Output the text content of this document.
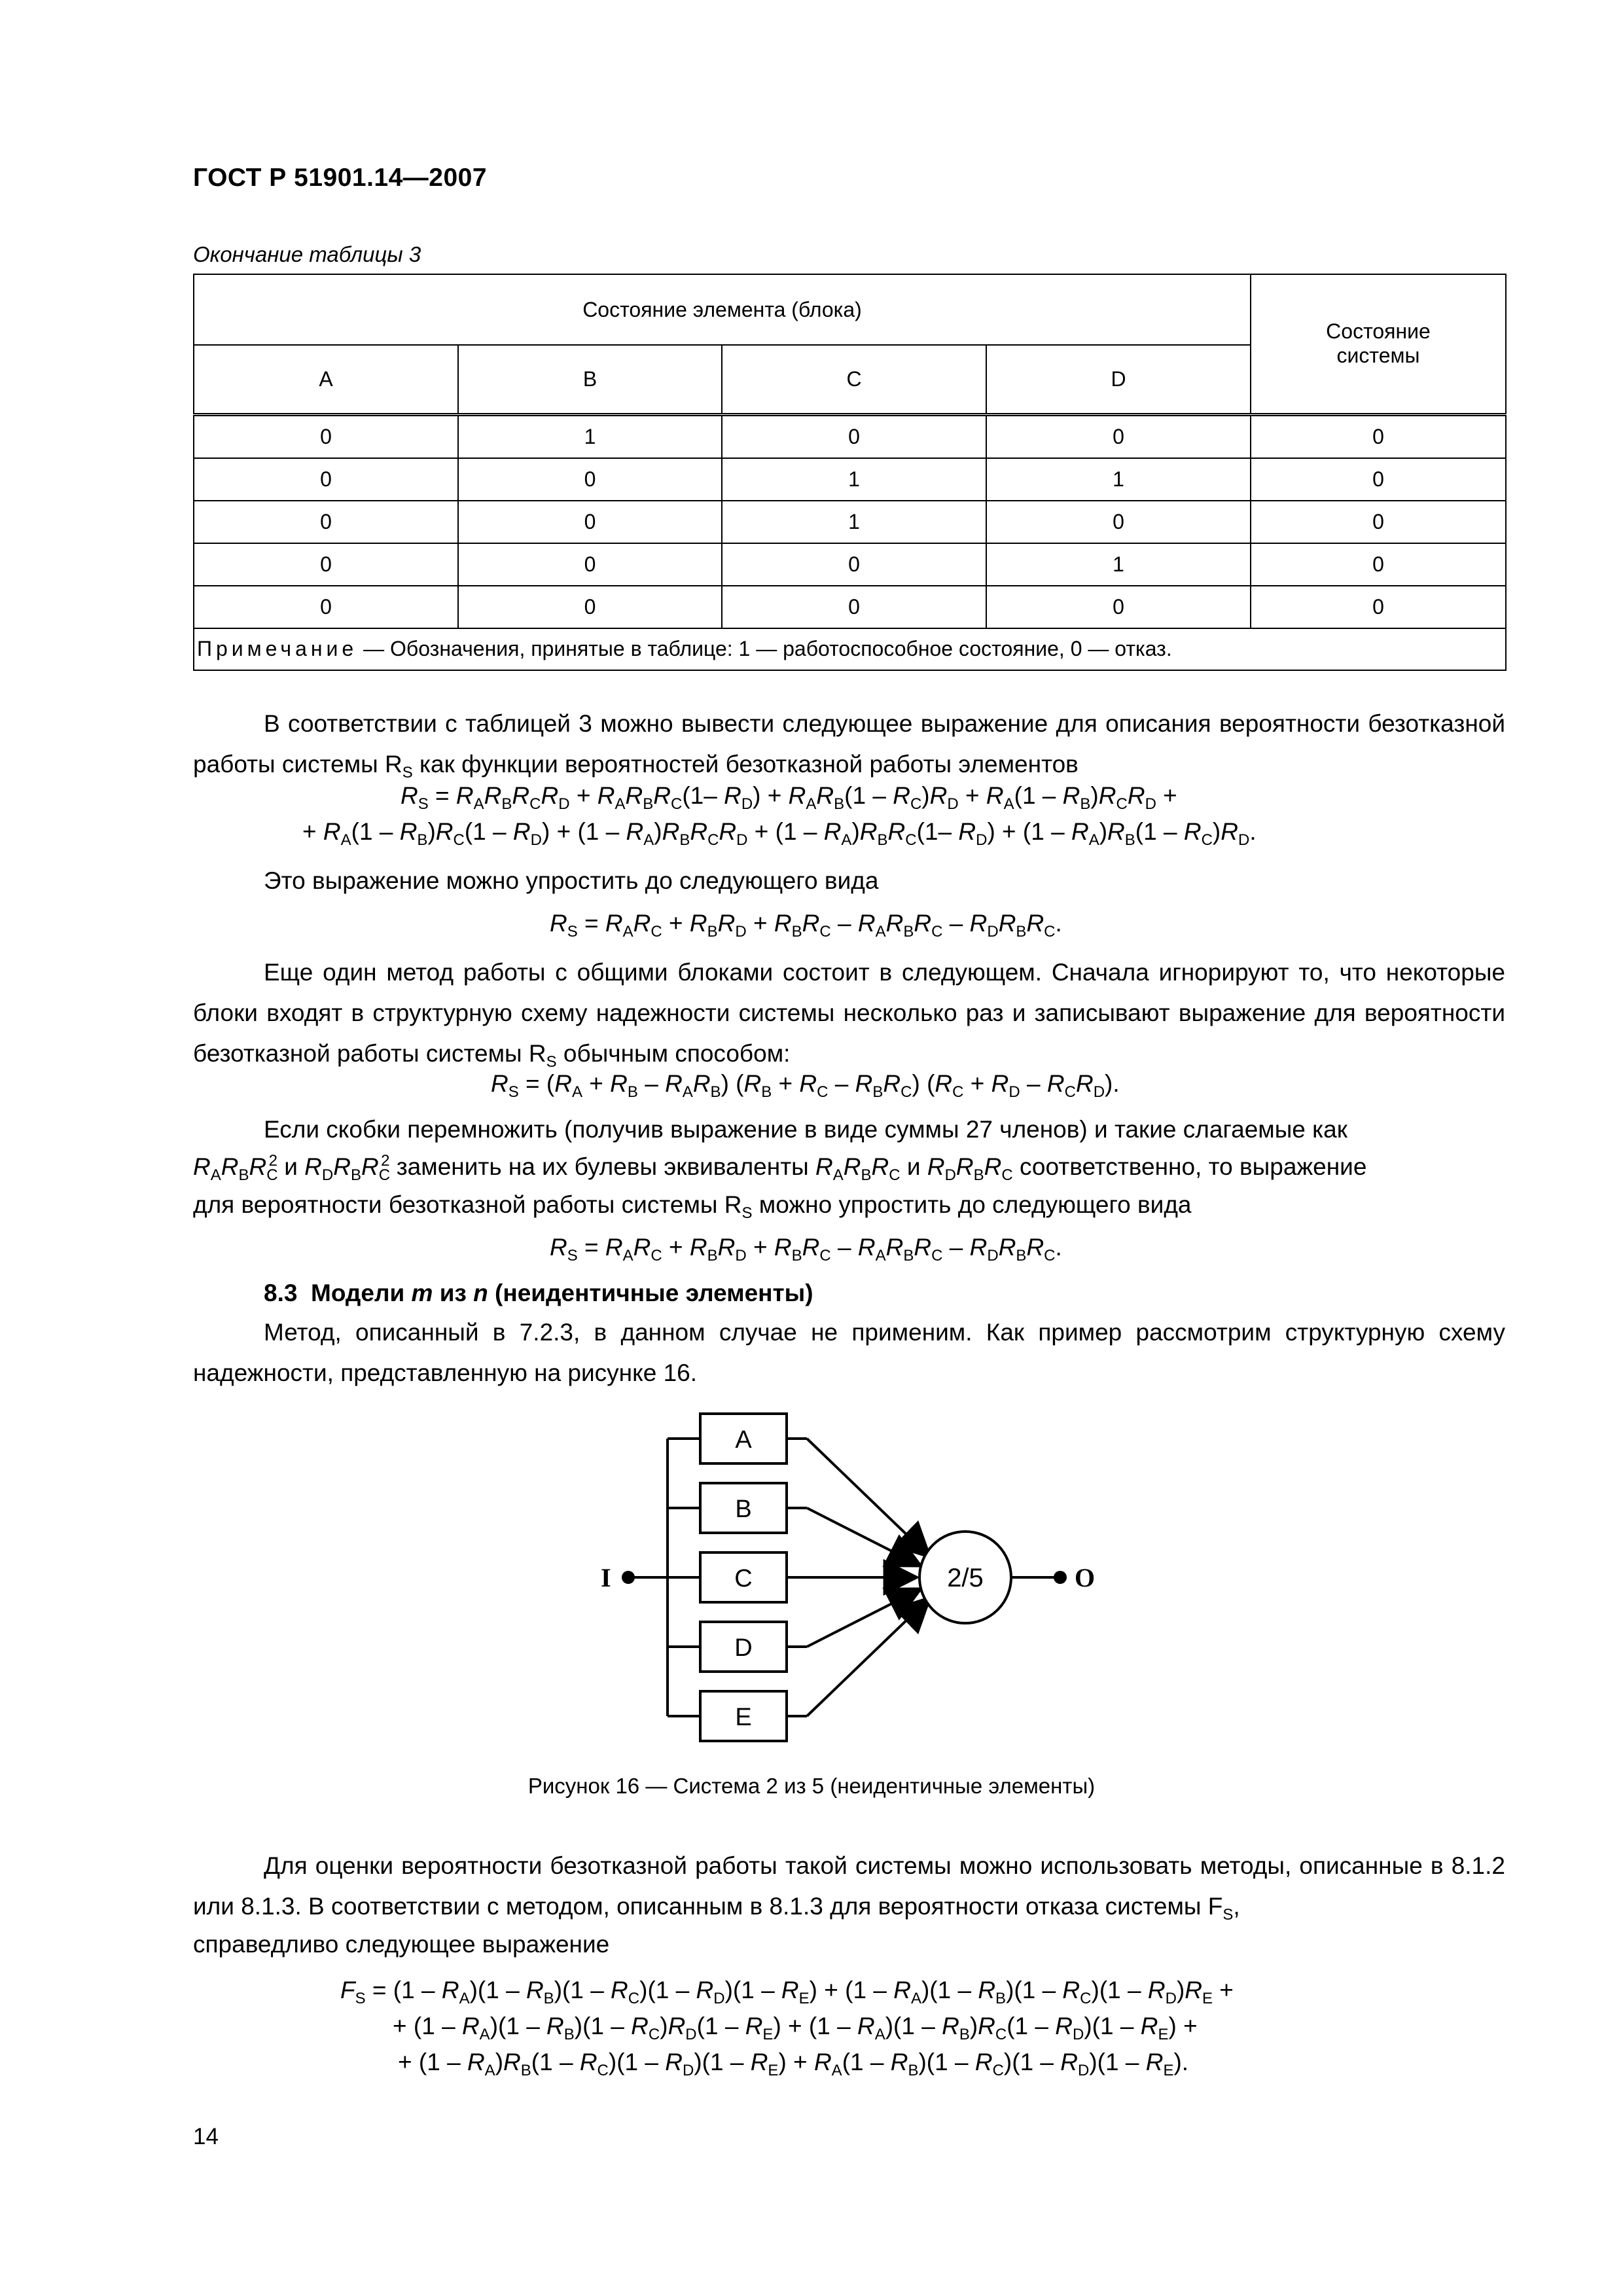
ГОСТ Р 51901.14—2007
Окончание таблицы 3
Состояние элемента (блока)				Состояние системы
A	B	C	D	
0	1	0	0	0
0	0	1	1	0
0	0	1	0	0
0	0	0	1	0
0	0	0	0	0
Примечание — Обозначения, принятые в таблице: 1 — работоспособное состояние, 0 — отказ.				
В соответствии с таблицей 3 можно вывести следующее выражение для описания вероятности безотказной работы системы $R_S$ как функции вероятностей безотказной работы элементов
$R_S = R_AR_BR_CR_D + R_AR_BR_C(1-$ $R_D) + R_AR_B(1 - R_C)R_D + R_A(1 - R_B)R_CR_D$ +
+ $R_A(1 - R_B)R_C(1 - R_D) + (1 - R_A)R_BR_CR_D + (1 - R_A)R_BR_C(1-$ $R_D) + (1 - R_A)R_B(1 - R_C)R_D$.
Это выражение можно упростить до следующего вида
$R_S = R_AR_C + R_BR_D + R_BR_C - R_AR_BR_C - R_DR_BR_C$.
Еще один метод работы с общими блоками состоит в следующем. Сначала игнорируют то, что некоторые блоки входят в структурную схему надежности системы несколько раз и записывают выражение для вероятности безотказной работы системы $R_S$ обычным способом:
$R_S = (R_A + R_B - R_AR_B) (R_B + R_C - R_BR_C) (R_C + R_D - R_CR_D)$.
Если скобки перемножить (получив выражение в виде суммы 27 членов) и такие слагаемые как
$R_AR_BR_C^2$ и $R_DR_BR_C^2$ заменить на их булевы эквиваленты $R_AR_BR_C$ и $R_DR_BR_C$ соответственно, то выражение
для вероятности безотказной работы системы $R_S$ можно упростить до следующего вида
$R_S = R_AR_C + R_BR_D + R_BR_C - R_AR_BR_C - R_DR_BR_C$.
8.3 Модели m из n (неидентичные элементы)
Метод, описанный в 7.2.3, в данном случае не применим. Как пример рассмотрим структурную схему надежности, представленную на рисунке 16.
I
A
B
C
D
E
2/5	O
Рисунок 16 — Система 2 из 5 (неидентичные элементы)
Для оценки вероятности безотказной работы такой системы можно использовать методы, описанные в 8.1.2 или 8.1.3. В соответствии с методом, описанным в 8.1.3 для вероятности отказа системы $F_S$,
справедливо следующее выражение
$F_S = (1 - R_A)(1 - R_B)(1 - R_C)(1 - R_D)(1 - R_E) + (1 - R_A)(1 - R_B)(1 - R_C)(1 - R_D)R_E$ +
+ $(1 - R_A)(1 - R_B)(1 - R_C)R_D(1 - R_E) + (1 - R_A)(1 - R_B)R_C(1 - R_D)(1 - R_E)$ +
+ $(1 - R_A)R_B(1 - R_C)(1 - R_D)(1 - R_E) + R_A(1 - R_B)(1 - R_C)(1 - R_D)(1 - R_E)$.
14
